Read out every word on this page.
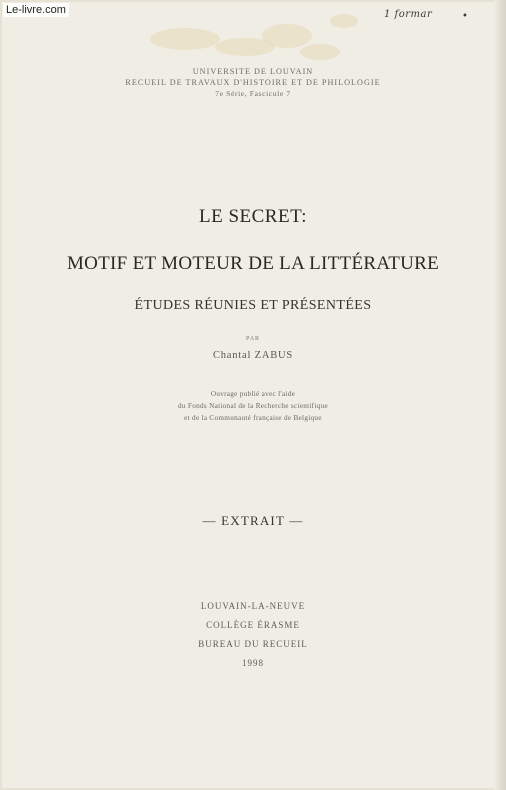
Le-livre.com	1 formar	•
UNIVERSITE DE LOUVAIN
RECUEIL DE TRAVAUX D'HISTOIRE ET DE PHILOLOGIE
7e Série, Fascicule 7
LE SECRET:
MOTIF ET MOTEUR DE LA LITTÉRATURE
ÉTUDES RÉUNIES ET PRÉSENTÉES
PAR
Chantal ZABUS
Ouvrage publié avec l'aide
du Fonds National de la Recherche scientifique
et de la Communauté française de Belgique
— EXTRAIT —
LOUVAIN-LA-NEUVE
COLLÈGE ÉRASME
BUREAU DU RECUEIL
1998
